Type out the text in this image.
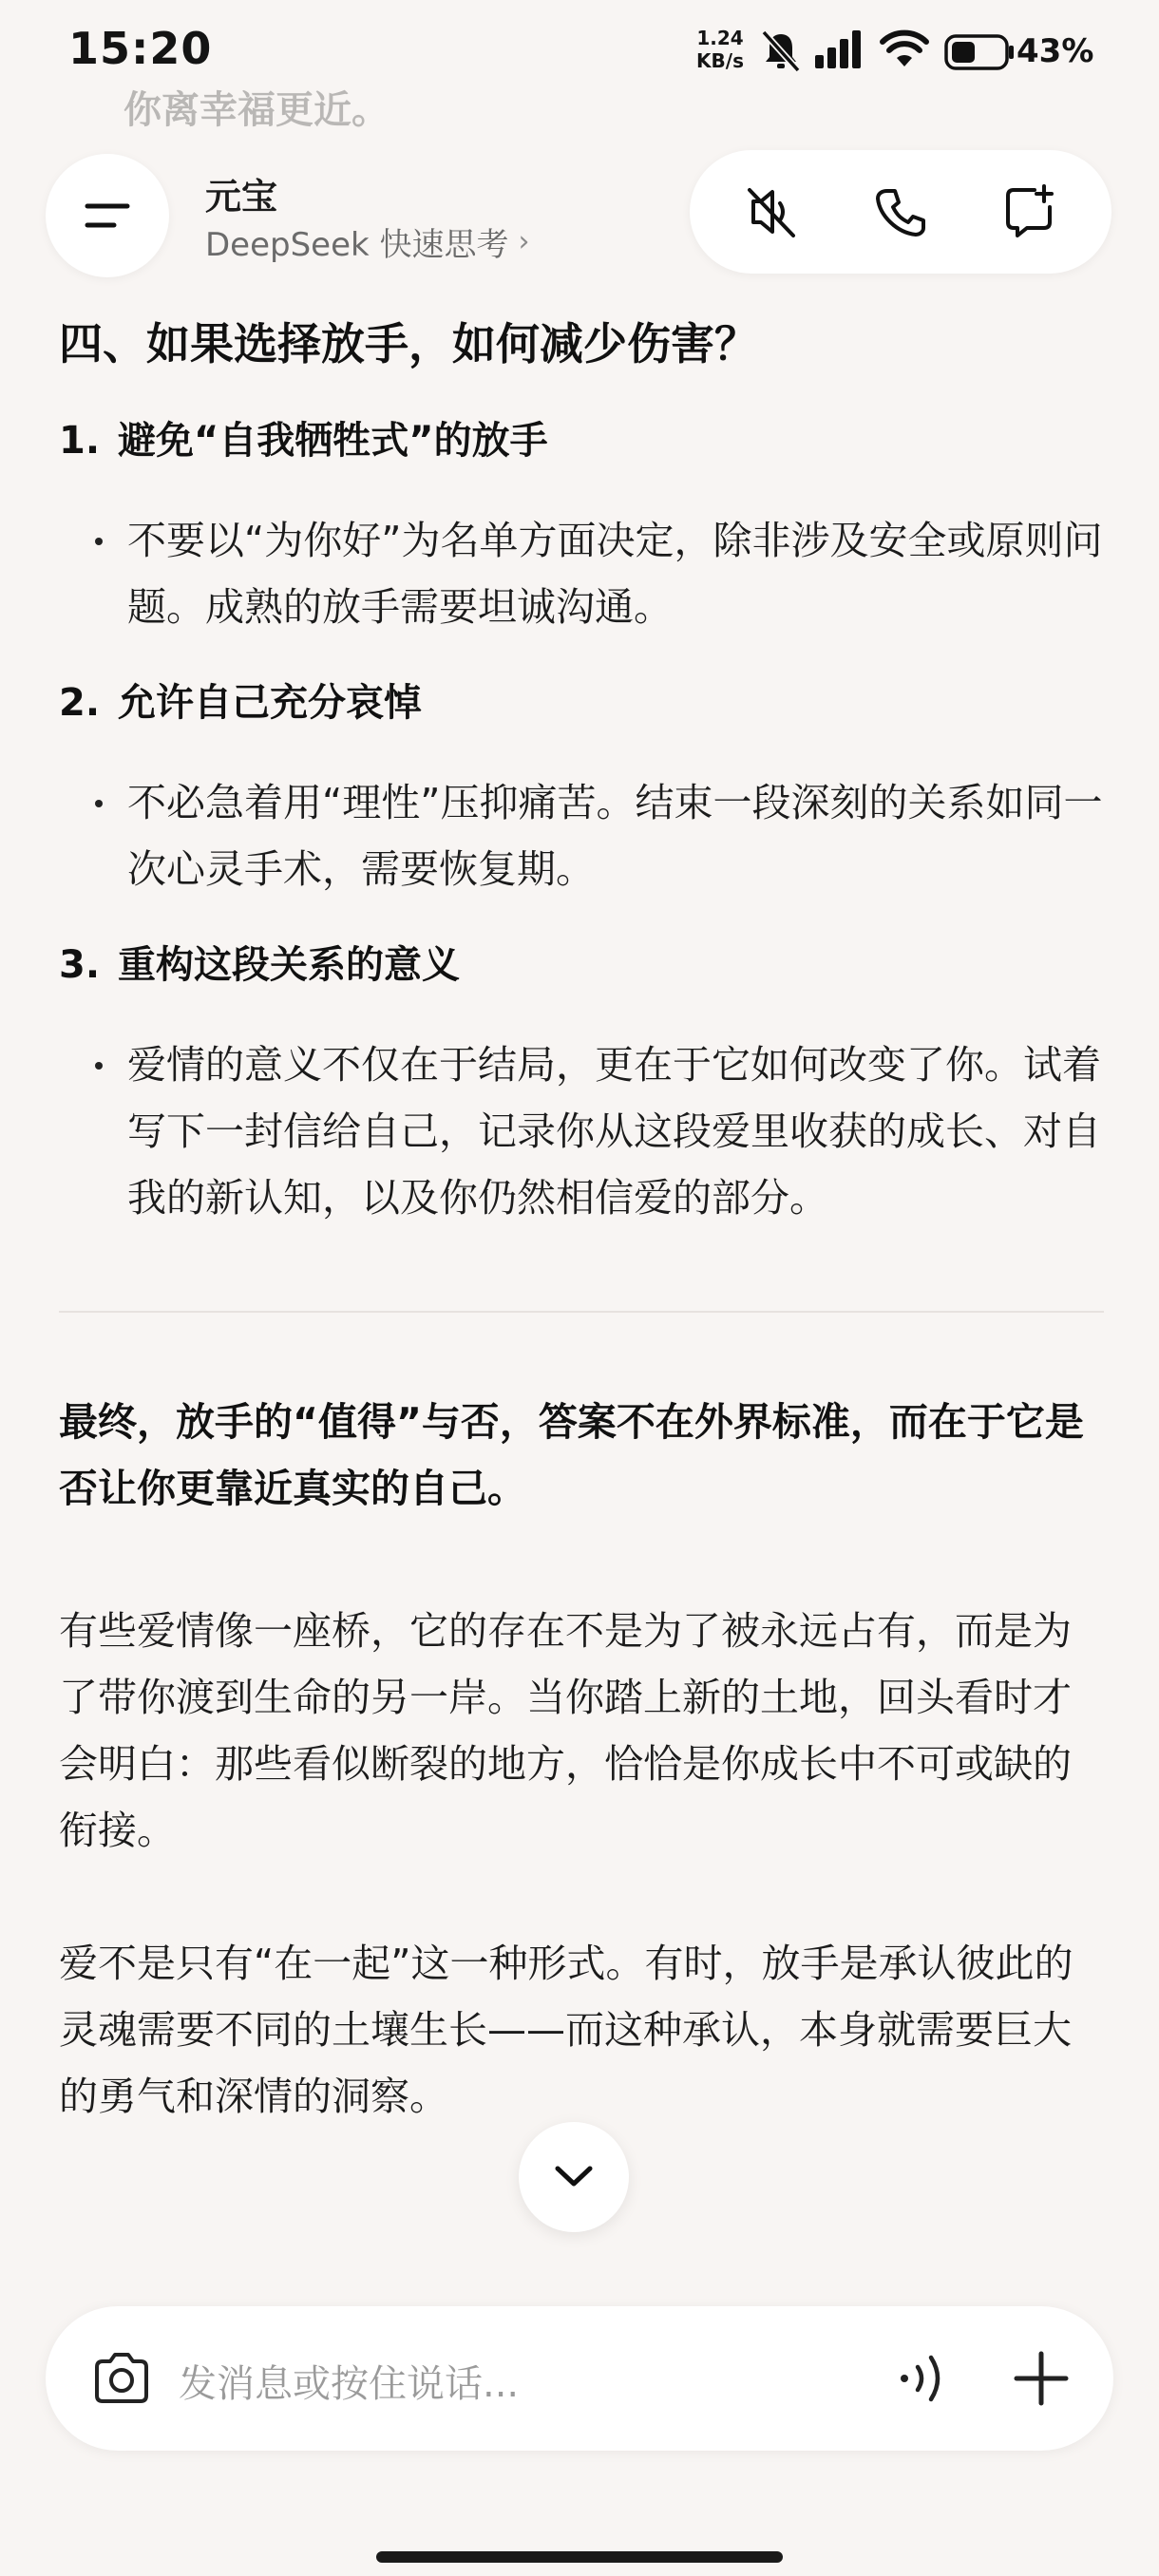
你离幸福更近。
15:20	1.24
KB/s	43%
元宝
DeepSeek 快速思考 ›
四、如果选择放手，如何减少伤害？
1. 避免“自我牺牲式”的放手
不要以“为你好”为名单方面决定，除非涉及安全或原则问题。成熟的放手需要坦诚沟通。
2. 允许自己充分哀悼
不必急着用“理性”压抑痛苦。结束一段深刻的关系如同一次心灵手术，需要恢复期。
3. 重构这段关系的意义
爱情的意义不仅在于结局，更在于它如何改变了你。试着写下一封信给自己，记录你从这段爱里收获的成长、对自我的新认知，以及你仍然相信爱的部分。
最终，放手的“值得”与否，答案不在外界标准，而在于它是否让你更靠近真实的自己。
有些爱情像一座桥，它的存在不是为了被永远占有，而是为了带你渡到生命的另一岸。当你踏上新的土地，回头看时才会明白：那些看似断裂的地方，恰恰是你成长中不可或缺的衔接。
爱不是只有“在一起”这一种形式。有时，放手是承认彼此的灵魂需要不同的土壤生长——而这种承认，本身就需要巨大的勇气和深情的洞察。
发消息或按住说话...
